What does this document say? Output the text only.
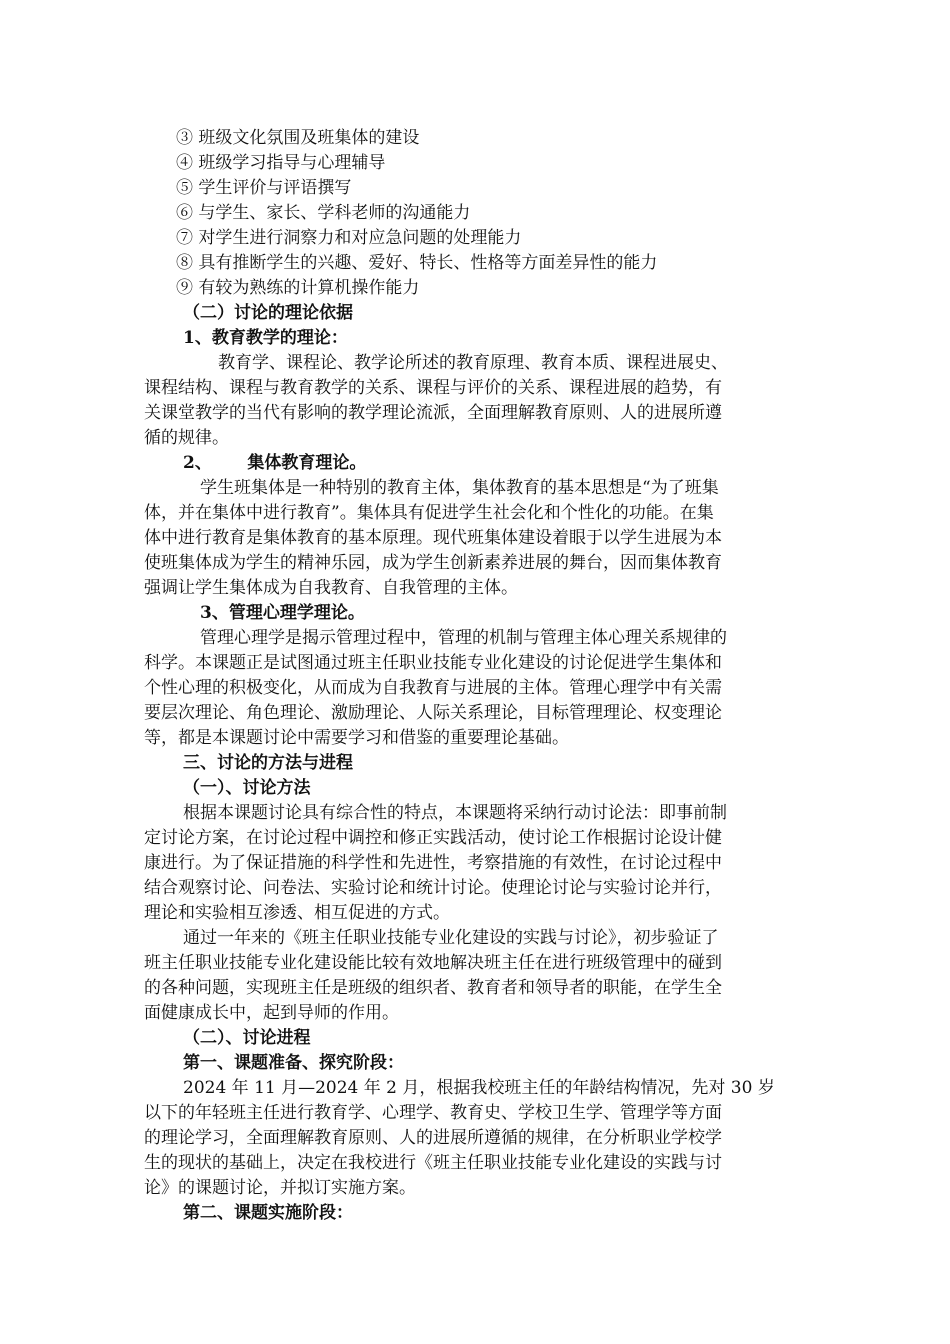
③ 班级文化氛围及班集体的建设
④ 班级学习指导与心理辅导
⑤ 学生评价与评语撰写
⑥ 与学生、家长、学科老师的沟通能力
⑦ 对学生进行洞察力和对应急问题的处理能力
⑧ 具有推断学生的兴趣、爱好、特长、性格等方面差异性的能力
⑨ 有较为熟练的计算机操作能力
（二）讨论的理论依据
1、教育教学的理论：
教育学、课程论、教学论所述的教育原理、教育本质、课程进展史、
课程结构、课程与教育教学的关系、课程与评价的关系、课程进展的趋势，有
关课堂教学的当代有影响的教学理论流派，全面理解教育原则、人的进展所遵
循的规律。
2、      集体教育理论。
学生班集体是一种特别的教育主体，集体教育的基本思想是“为了班集
体，并在集体中进行教育”。集体具有促进学生社会化和个性化的功能。在集
体中进行教育是集体教育的基本原理。现代班集体建设着眼于以学生进展为本
使班集体成为学生的精神乐园，成为学生创新素养进展的舞台，因而集体教育
强调让学生集体成为自我教育、自我管理的主体。
3、管理心理学理论。
管理心理学是揭示管理过程中，管理的机制与管理主体心理关系规律的
科学。本课题正是试图通过班主任职业技能专业化建设的讨论促进学生集体和
个性心理的积极变化，从而成为自我教育与进展的主体。管理心理学中有关需
要层次理论、角色理论、激励理论、人际关系理论，目标管理理论、权变理论
等，都是本课题讨论中需要学习和借鉴的重要理论基础。
三、讨论的方法与进程
（一）、讨论方法
根据本课题讨论具有综合性的特点，本课题将采纳行动讨论法：即事前制
定讨论方案，在讨论过程中调控和修正实践活动，使讨论工作根据讨论设计健
康进行。为了保证措施的科学性和先进性，考察措施的有效性，在讨论过程中
结合观察讨论、问卷法、实验讨论和统计讨论。使理论讨论与实验讨论并行，
理论和实验相互渗透、相互促进的方式。
通过一年来的《班主任职业技能专业化建设的实践与讨论》，初步验证了
班主任职业技能专业化建设能比较有效地解决班主任在进行班级管理中的碰到
的各种问题，实现班主任是班级的组织者、教育者和领导者的职能，在学生全
面健康成长中，起到导师的作用。
（二）、讨论进程
第一、课题准备、探究阶段：
2024 年 11 月—2024 年 2 月，根据我校班主任的年龄结构情况，先对 30 岁
以下的年轻班主任进行教育学、心理学、教育史、学校卫生学、管理学等方面
的理论学习，全面理解教育原则、人的进展所遵循的规律，在分析职业学校学
生的现状的基础上，决定在我校进行《班主任职业技能专业化建设的实践与讨
论》的课题讨论，并拟订实施方案。
第二、课题实施阶段：
